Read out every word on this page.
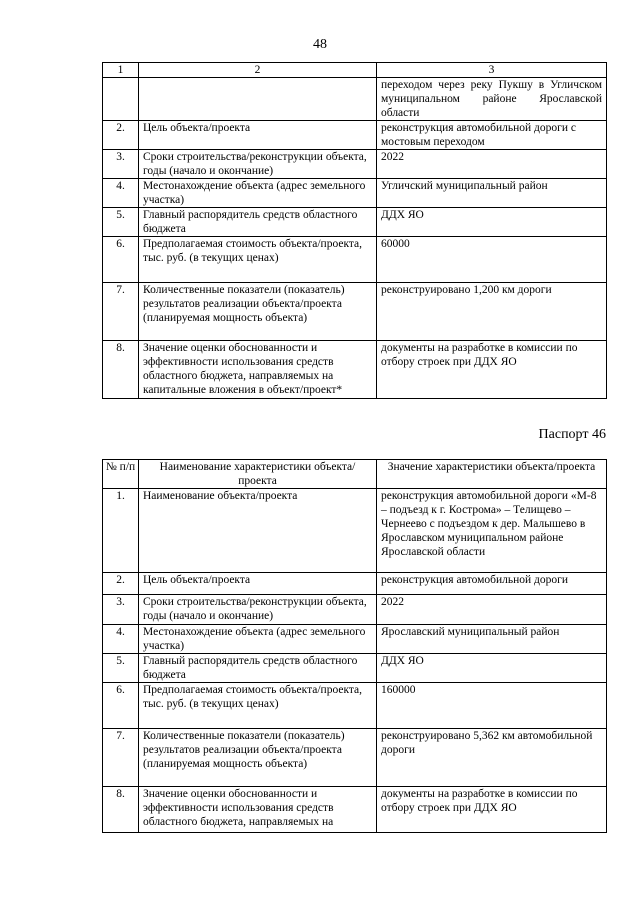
48
1	2	3
		переходом через реку Пукшу в Угличском муниципальном районе Ярославской области
2.	Цель объекта/проекта	реконструкция автомобильной дороги с мостовым переходом
3.	Сроки строительства/реконструкции объекта, годы (начало и окончание)	2022
4.	Местонахождение объекта (адрес земельного участка)	Угличский муниципальный район
5.	Главный распорядитель средств областного бюджета	ДДХ ЯО
6.	Предполагаемая стоимость объекта/проекта, тыс. руб. (в текущих ценах)	60000
7.	Количественные показатели (показатель) результатов реализации объекта/проекта (планируемая мощность объекта)	реконструировано 1,200 км дороги
8.	Значение оценки обоснованности и эффективности использования средств областного бюджета, направляемых на капитальные вложения в объект/проект*	документы на разработке в комиссии по отбору строек при ДДХ ЯО
Паспорт 46
№ п/п	Наименование характеристики объекта/проекта	Значение характеристики объекта/проекта
1.	Наименование объекта/проекта	реконструкция автомобильной дороги «М-8 – подъезд к г. Кострома» – Телищево – Чернеево с подъездом к дер. Малышево в Ярославском муниципальном районе Ярославской области
2.	Цель объекта/проекта	реконструкция автомобильной дороги
3.	Сроки строительства/реконструкции объекта, годы (начало и окончание)	2022
4.	Местонахождение объекта (адрес земельного участка)	Ярославский муниципальный район
5.	Главный распорядитель средств областного бюджета	ДДХ ЯО
6.	Предполагаемая стоимость объекта/проекта, тыс. руб. (в текущих ценах)	160000
7.	Количественные показатели (показатель) результатов реализации объекта/проекта (планируемая мощность объекта)	реконструировано 5,362 км автомобильной дороги
8.	Значение оценки обоснованности и эффективности использования средств областного бюджета, направляемых на	документы на разработке в комиссии по отбору строек при ДДХ ЯО
